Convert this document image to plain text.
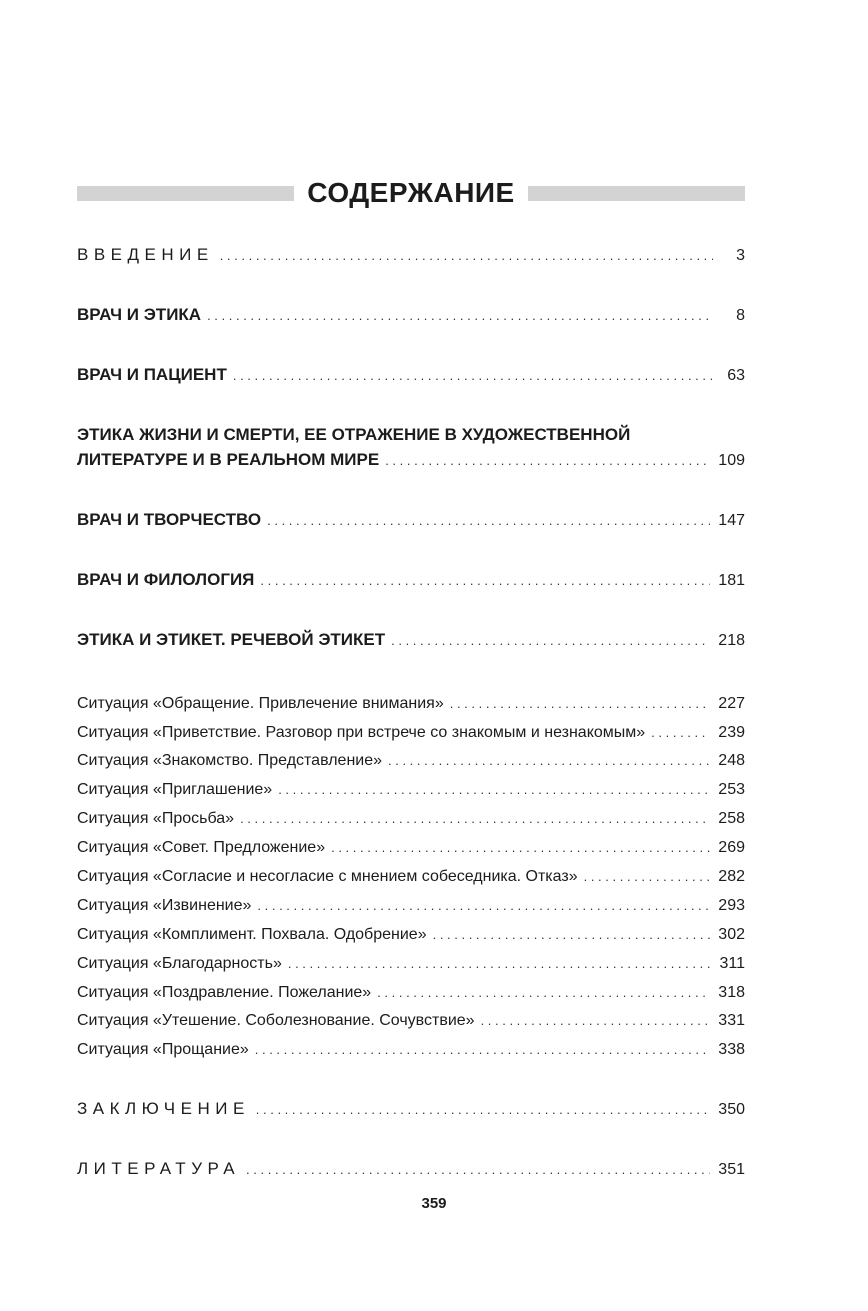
СОДЕРЖАНИЕ
ВВЕДЕНИЕ . . .	3
ВРАЧ И ЭТИКА . . .	8
ВРАЧ И ПАЦИЕНТ . . .	63
ЭТИКА ЖИЗНИ И СМЕРТИ, ЕЕ ОТРАЖЕНИЕ В ХУДОЖЕСТВЕННОЙ
ЛИТЕРАТУРЕ И В РЕАЛЬНОМ МИРЕ . . .	109
ВРАЧ И ТВОРЧЕСТВО . . .	147
ВРАЧ И ФИЛОЛОГИЯ . . .	181
ЭТИКА И ЭТИКЕТ. РЕЧЕВОЙ ЭТИКЕТ . . .	218
Ситуация «Обращение. Привлечение внимания» . . .	227
Ситуация «Приветствие. Разговор при встрече со знакомым и незнакомым» . . .	239
Ситуация «Знакомство. Представление» . . .	248
Ситуация «Приглашение» . . .	253
Ситуация «Просьба» . . .	258
Ситуация «Совет. Предложение» . . .	269
Ситуация «Согласие и несогласие с мнением собеседника. Отказ» . . .	282
Ситуация «Извинение» . . .	293
Ситуация «Комплимент. Похвала. Одобрение» . . .	302
Ситуация «Благодарность» . . .	311
Ситуация «Поздравление. Пожелание» . . .	318
Ситуация «Утешение. Соболезнование. Сочувствие» . . .	331
Ситуация «Прощание» . . .	338
ЗАКЛЮЧЕНИЕ . . .	350
ЛИТЕРАТУРА . . .	351
359
